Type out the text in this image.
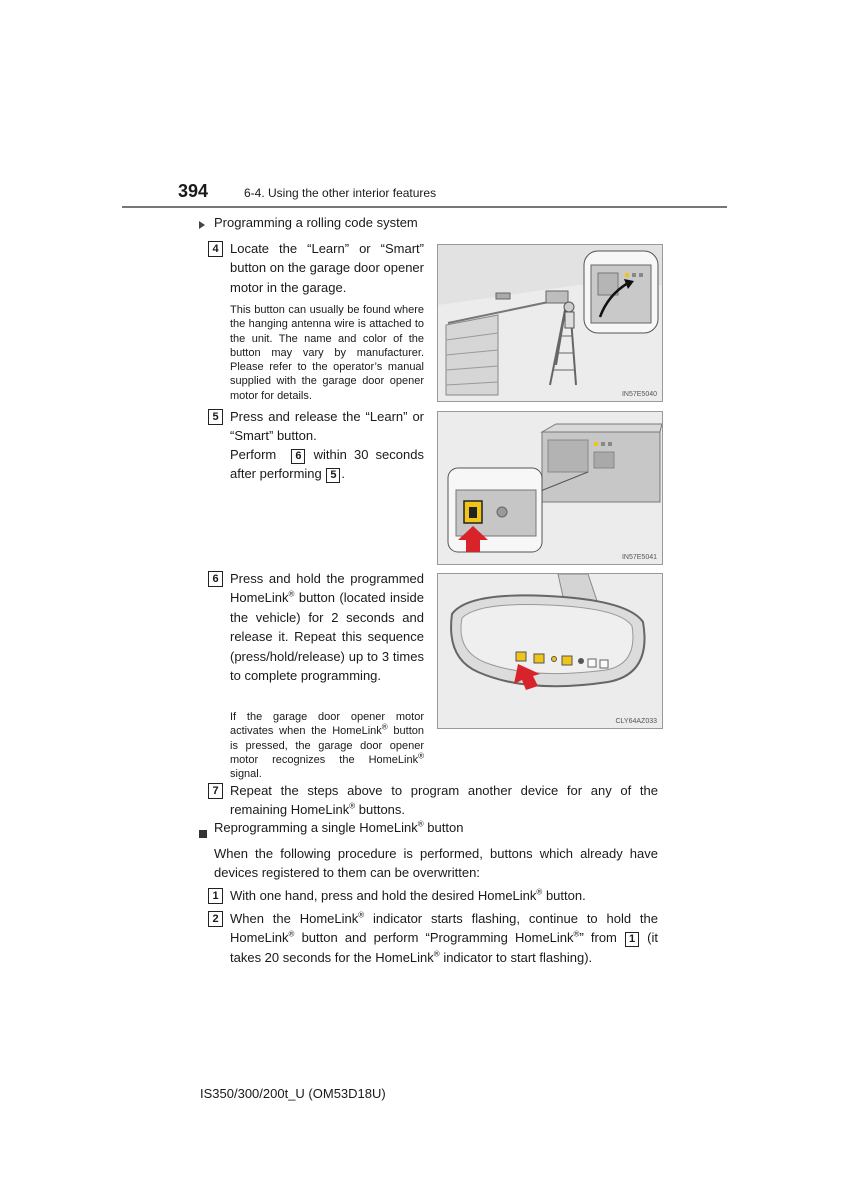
394	6-4. Using the other interior features
Programming a rolling code system
4 Locate the “Learn” or “Smart” button on the garage door opener motor in the garage.
This button can usually be found where the hanging antenna wire is attached to the unit. The name and color of the button may vary by manufacturer. Please refer to the operator’s manual supplied with the garage door opener motor for details.	IN57E5040
5 Press and release the “Learn” or “Smart” button.
Perform 6 within 30 seconds after performing 5 .
IN57E5041
6 Press and hold the programmed HomeLink® button (located inside the vehicle) for 2 seconds and release it. Repeat this sequence (press/hold/release) up to 3 times to complete programming.
If the garage door opener motor activates when the HomeLink® button is pressed, the garage door opener motor recognizes the HomeLink® signal.
CLY64AZ033
7 Repeat the steps above to program another device for any of the remaining HomeLink® buttons.
Reprogramming a single HomeLink® button
When the following procedure is performed, buttons which already have devices registered to them can be overwritten:
1 With one hand, press and hold the desired HomeLink® button.
2 When the HomeLink® indicator starts flashing, continue to hold the HomeLink® button and perform “Programming HomeLink®” from 1 (it takes 20 seconds for the HomeLink® indicator to start flashing).
IS350/300/200t_U (OM53D18U)
